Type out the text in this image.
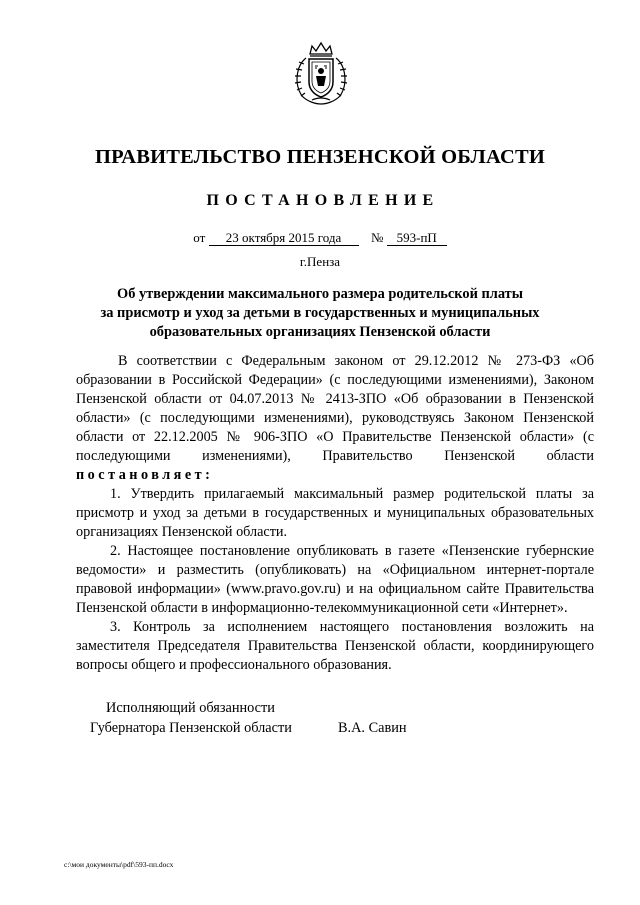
ПРАВИТЕЛЬСТВО ПЕНЗЕНСКОЙ ОБЛАСТИ
ПОСТАНОВЛЕНИЕ
от 23 октября 2015 года № 593-пП
г.Пенза
Об утверждении максимального размера родительской платы
за присмотр и уход за детьми в государственных и муниципальных
образовательных организациях Пензенской области

В соответствии с Федеральным законом от 29.12.2012 № 273-ФЗ «Об образовании в Российской Федерации» (с последующими изменениями), Законом Пензенской области от 04.07.2013 № 2413-ЗПО «Об образовании в Пензенской области» (с последующими изменениями), руководствуясь Законом Пензенской области от 22.12.2005 № 906-ЗПО «О Правительстве Пензенской области» (с последующими изменениями), Правительство Пензенской области постановляет:

1. Утвердить прилагаемый максимальный размер родительской платы за присмотр и уход за детьми в государственных и муниципальных образовательных организациях Пензенской области.

2. Настоящее постановление опубликовать в газете «Пензенские губернские ведомости» и разместить (опубликовать) на «Официальном интернет-портале правовой информации» (www.pravo.gov.ru) и на официальном сайте Правительства Пензенской области в информационно-телекоммуникационной сети «Интернет».

3. Контроль за исполнением настоящего постановления возложить на заместителя Председателя Правительства Пензенской области, координирующего вопросы общего и профессионального образования.

Исполняющий обязанности
Губернатора Пензенской области	В.А. Савин
c:\мои документы\pdf\593-пп.docx
